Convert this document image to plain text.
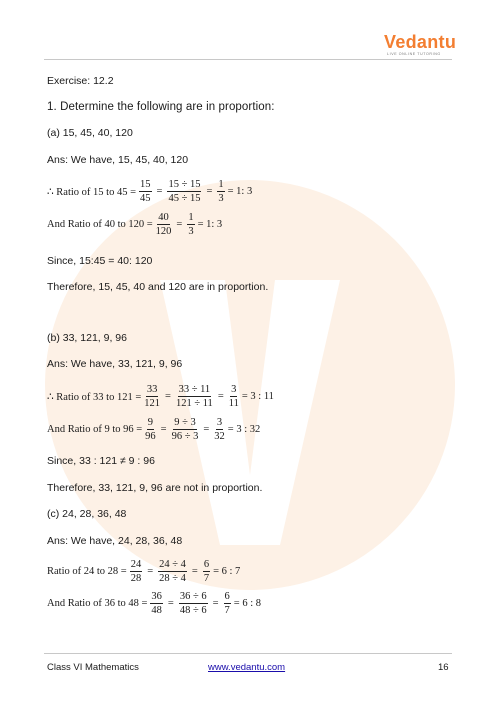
Vedantu
LIVE ONLINE TUTORING
Exercise: 12.2
1. Determine the following are in proportion:
(a) 15, 45, 40, 120
Ans: We have, 15, 45, 40, 120
∴ Ratio of 15 to $45 = \frac{15}{45} = \frac{15 \div 15}{45 \div 15} = \frac{1}{3} = 1$: 3
And Ratio of 40 to $120 = \frac{40}{120} = \frac{1}{3} = 1$: 3
Since, 15:45 = 40: 120
Therefore, 15, 45, 40 and 120 are in proportion.
(b) 33, 121, 9, 96
Ans: We have, 33, 121, 9, 96
∴ Ratio of 33 to $121 = \frac{33}{121} = \frac{33 \div 11}{121 \div 11} = \frac{3}{11} = 3$ : 11
And Ratio of 9 to $96 = \frac{9}{96} = \frac{9 \div 3}{96 \div 3} = \frac{3}{32} = 3$ : 32
Since, 33 : 121 ≠ 9 : 96
Therefore, 33, 121, 9, 96 are not in proportion.
(c) 24, 28, 36, 48
Ans: We have, 24, 28, 36, 48
Ratio of 24 to $28 = \frac{24}{28} = \frac{24 \div 4}{28 \div 4} = \frac{6}{7} = 6$ : 7
And Ratio of 36 to $48 = \frac{36}{48} = \frac{36 \div 6}{48 \div 6} = \frac{6}{7} = 6$ : 8
Class VI Mathematics	www.vedantu.com	16
